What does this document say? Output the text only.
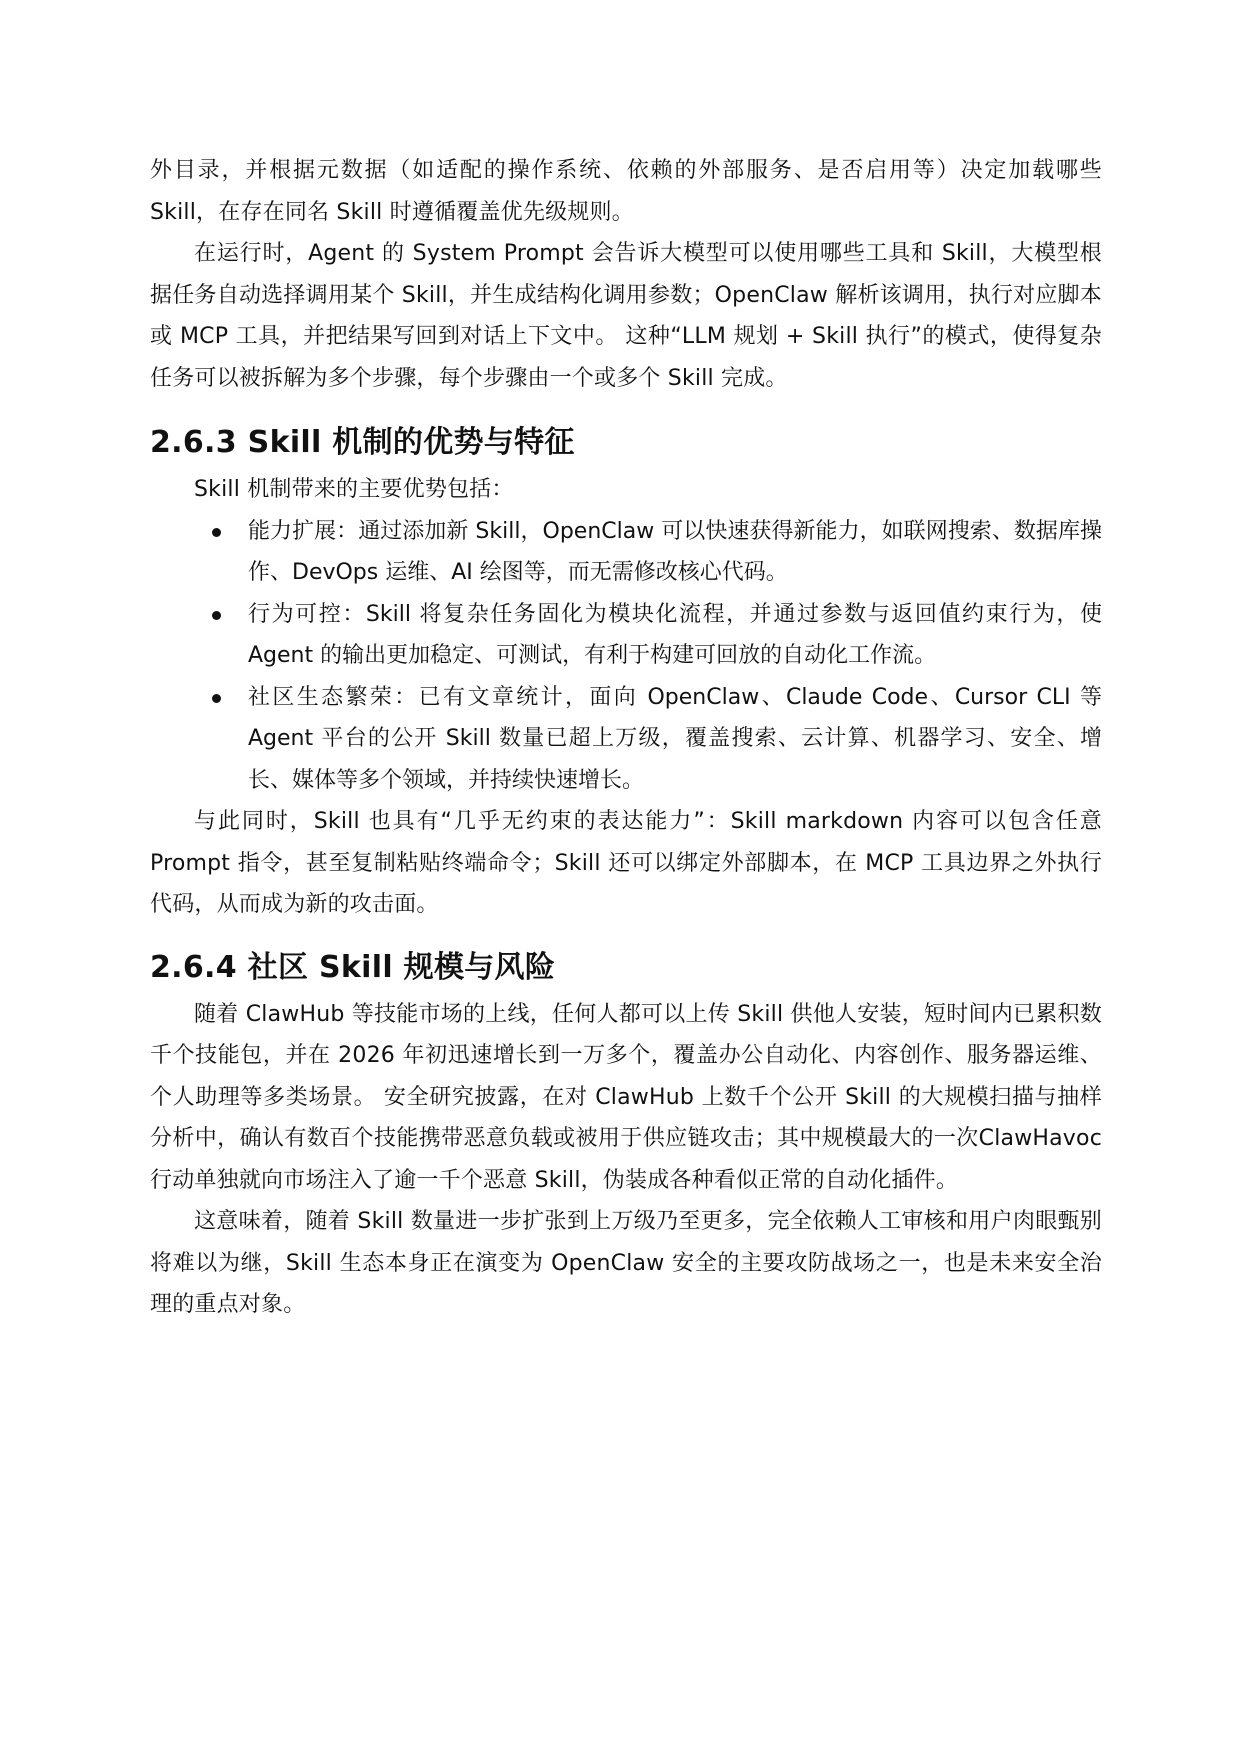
外目录，并根据元数据（如适配的操作系统、依赖的外部服务、是否启用等）决定加载哪些Skill，在存在同名 Skill 时遵循覆盖优先级规则。

在运行时，Agent 的 System Prompt 会告诉大模型可以使用哪些工具和 Skill，大模型根据任务自动选择调用某个 Skill，并生成结构化调用参数；OpenClaw 解析该调用，执行对应脚本或 MCP 工具，并把结果写回到对话上下文中。 这种“LLM 规划 + Skill 执行”的模式，使得复杂任务可以被拆解为多个步骤，每个步骤由一个或多个 Skill 完成。

2.6.3 Skill 机制的优势与特征

Skill 机制带来的主要优势包括：

能力扩展：通过添加新 Skill，OpenClaw 可以快速获得新能力，如联网搜索、数据库操作、DevOps 运维、AI 绘图等，而无需修改核心代码。
行为可控：Skill 将复杂任务固化为模块化流程，并通过参数与返回值约束行为，使Agent 的输出更加稳定、可测试，有利于构建可回放的自动化工作流。
社区生态繁荣：已有文章统计，面向 OpenClaw、Claude Code、Cursor CLI 等Agent 平台的公开 Skill 数量已超上万级，覆盖搜索、云计算、机器学习、安全、增长、媒体等多个领域，并持续快速增长。

与此同时，Skill 也具有“几乎无约束的表达能力”：Skill markdown 内容可以包含任意Prompt 指令，甚至复制粘贴终端命令；Skill 还可以绑定外部脚本，在 MCP 工具边界之外执行代码，从而成为新的攻击面。

2.6.4 社区 Skill 规模与风险

随着 ClawHub 等技能市场的上线，任何人都可以上传 Skill 供他人安装，短时间内已累积数千个技能包，并在 2026 年初迅速增长到一万多个，覆盖办公自动化、内容创作、服务器运维、个人助理等多类场景。 安全研究披露，在对 ClawHub 上数千个公开 Skill 的大规模扫描与抽样分析中，确认有数百个技能携带恶意负载或被用于供应链攻击；其中规模最大的一次ClawHavoc 行动单独就向市场注入了逾一千个恶意 Skill，伪装成各种看似正常的自动化插件。

这意味着，随着 Skill 数量进一步扩张到上万级乃至更多，完全依赖人工审核和用户肉眼甄别将难以为继，Skill 生态本身正在演变为 OpenClaw 安全的主要攻防战场之一，也是未来安全治理的重点对象。
